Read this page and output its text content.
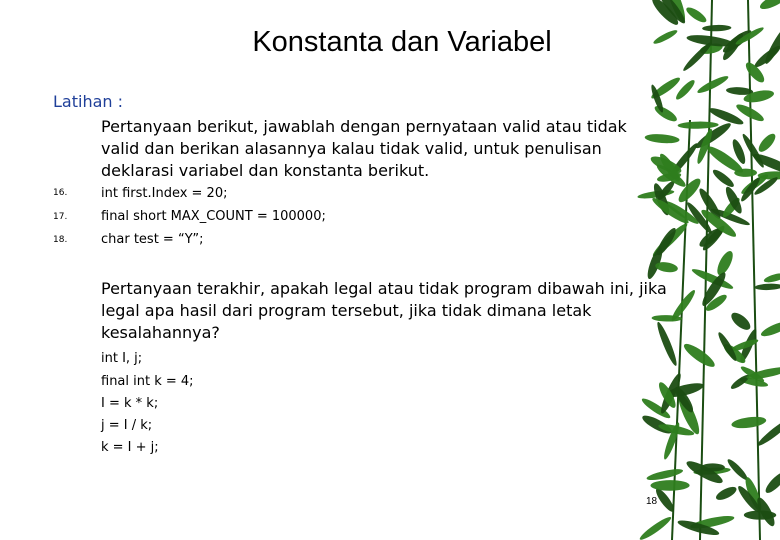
Konstanta dan Variabel
Latihan :
Pertanyaan berikut, jawablah dengan pernyataan valid atau tidak
valid dan berikan alasannya kalau tidak valid, untuk penulisan
deklarasi variabel dan konstanta berikut.
16.	int first.Index = 20;
17.	final short MAX_COUNT = 100000;
18.	char test = “Y”;
Pertanyaan terakhir, apakah legal atau tidak program dibawah ini, jika
legal apa hasil dari program tersebut, jika tidak dimana letak
kesalahannya?
int I, j;
final int k = 4;
I = k * k;
j = I / k;
k = I + j;
18
